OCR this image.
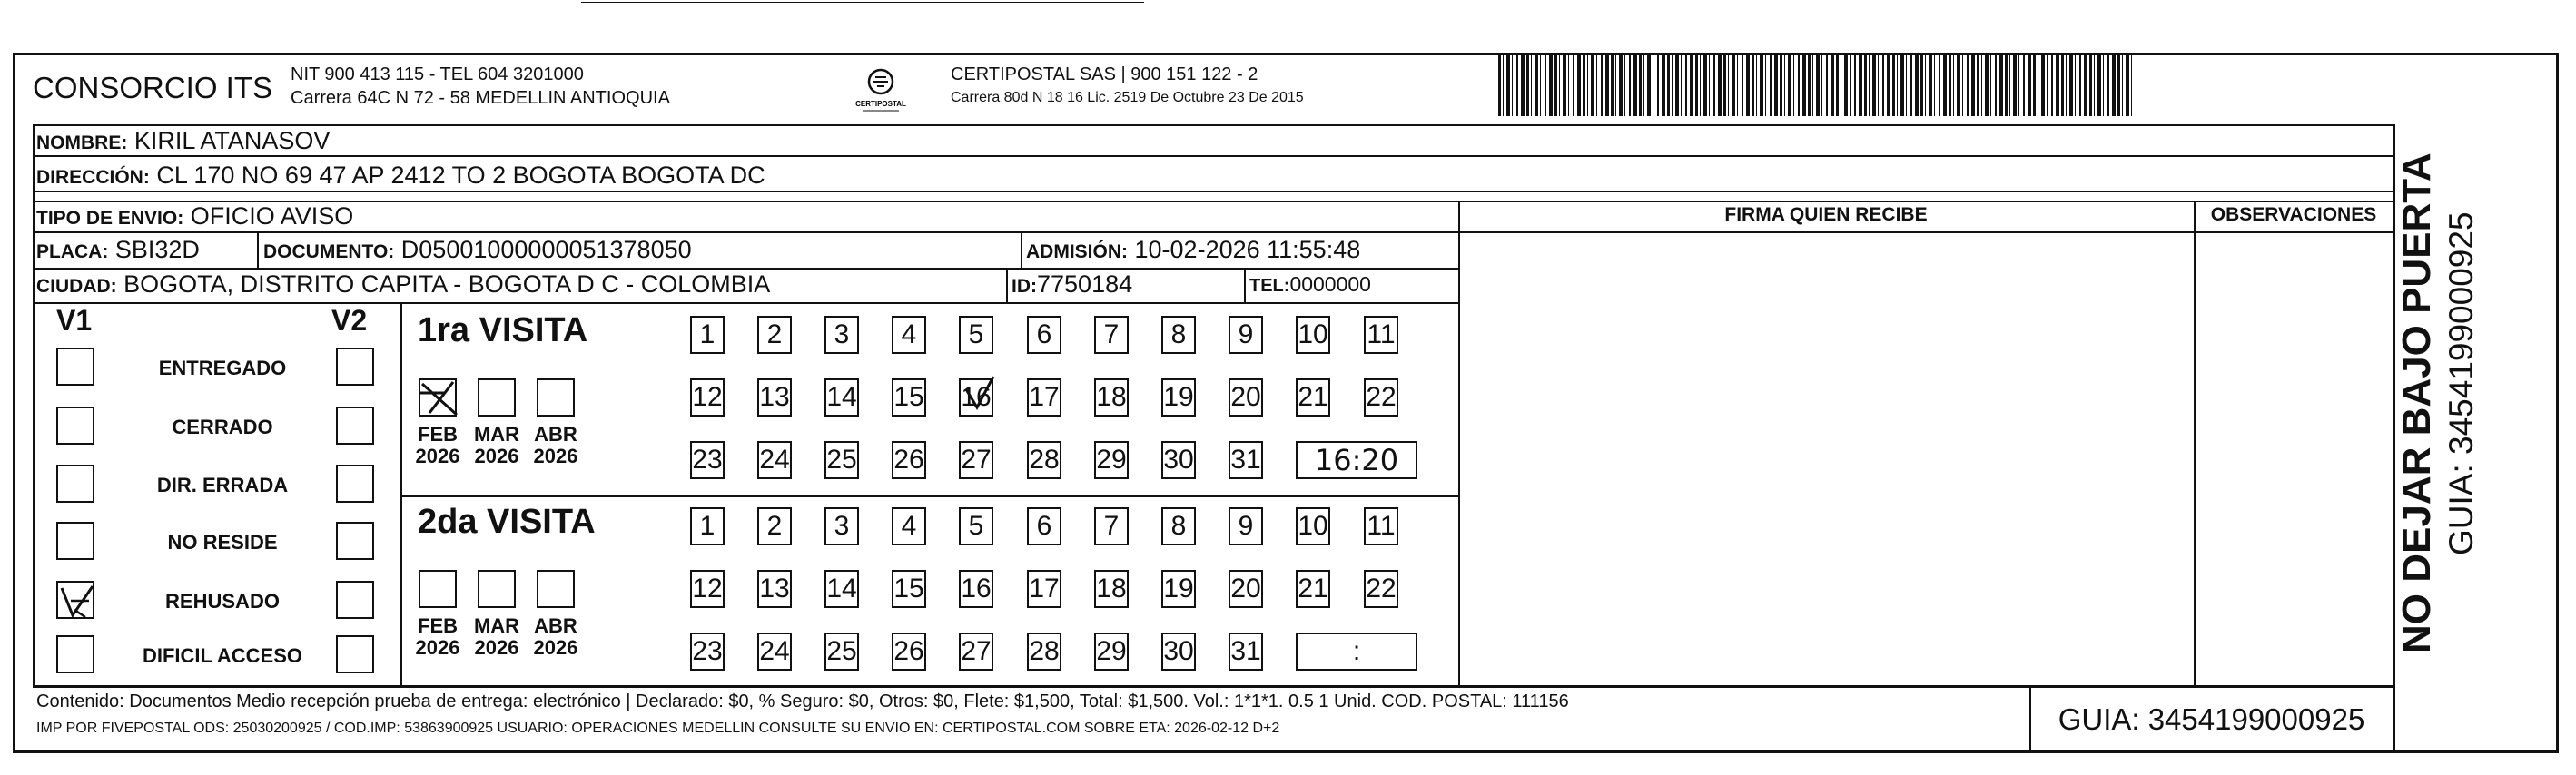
CONSORCIO ITS NIT 900 413 115 - TEL 604 3201000
Carrera 64C N 72 - 58 MEDELLIN ANTIOQUIA	CERTIPOSTAL
CERTIPOSTAL SAS | 900 151 122 - 2
Carrera 80d N 18 16 Lic. 2519 De Octubre 23 De 2015
NOMBRE: KIRIL ATANASOV
DIRECCIÓN: CL 170 NO 69 47 AP 2412 TO 2 BOGOTA BOGOTA DC
TIPO DE ENVIO: OFICIO AVISO	FIRMA QUIEN RECIBE	OBSERVACIONES
PLACA: SBI32D	DOCUMENTO: D05001000000051378050	ADMISIÓN: 10-02-2026 11:55:48
CIUDAD: BOGOTA, DISTRITO CAPITA - BOGOTA D C - COLOMBIA	ID:7750184	TEL:0000000
V1	V2
ENTREGADO
CERRADO
DIR. ERRADA
NO RESIDE
REHUSADO
DIFICIL ACCESO
1ra VISITA
FEB
2026
MAR
2026
ABR
2026
1	2	3	4	5	6	7	8	9	10 11
12 13 14 15 16 17 18 19 20 21 22
23 24 25 26 27 28 29 30 31	16:20
2da VISITA
FEB
2026
MAR
2026
ABR
2026
1	2	3	4	5	6	7	8	9	10 11
12 13 14 15 16 17 18 19 20 21 22
23 24 25 26 27 28 29 30 31	:
Contenido: Documentos Medio recepción prueba de entrega: electrónico | Declarado: $0, % Seguro: $0, Otros: $0, Flete: $1,500, Total: $1,500. Vol.: 1*1*1. 0.5 1 Unid. COD. POSTAL: 111156
IMP POR FIVEPOSTAL ODS: 25030200925 / COD.IMP: 53863900925 USUARIO: OPERACIONES MEDELLIN CONSULTE SU ENVIO EN: CERTIPOSTAL.COM SOBRE ETA: 2026-02-12 D+2	GUIA: 3454199000925
NO DEJAR BAJO PUERTA GUIA: 3454199000925
